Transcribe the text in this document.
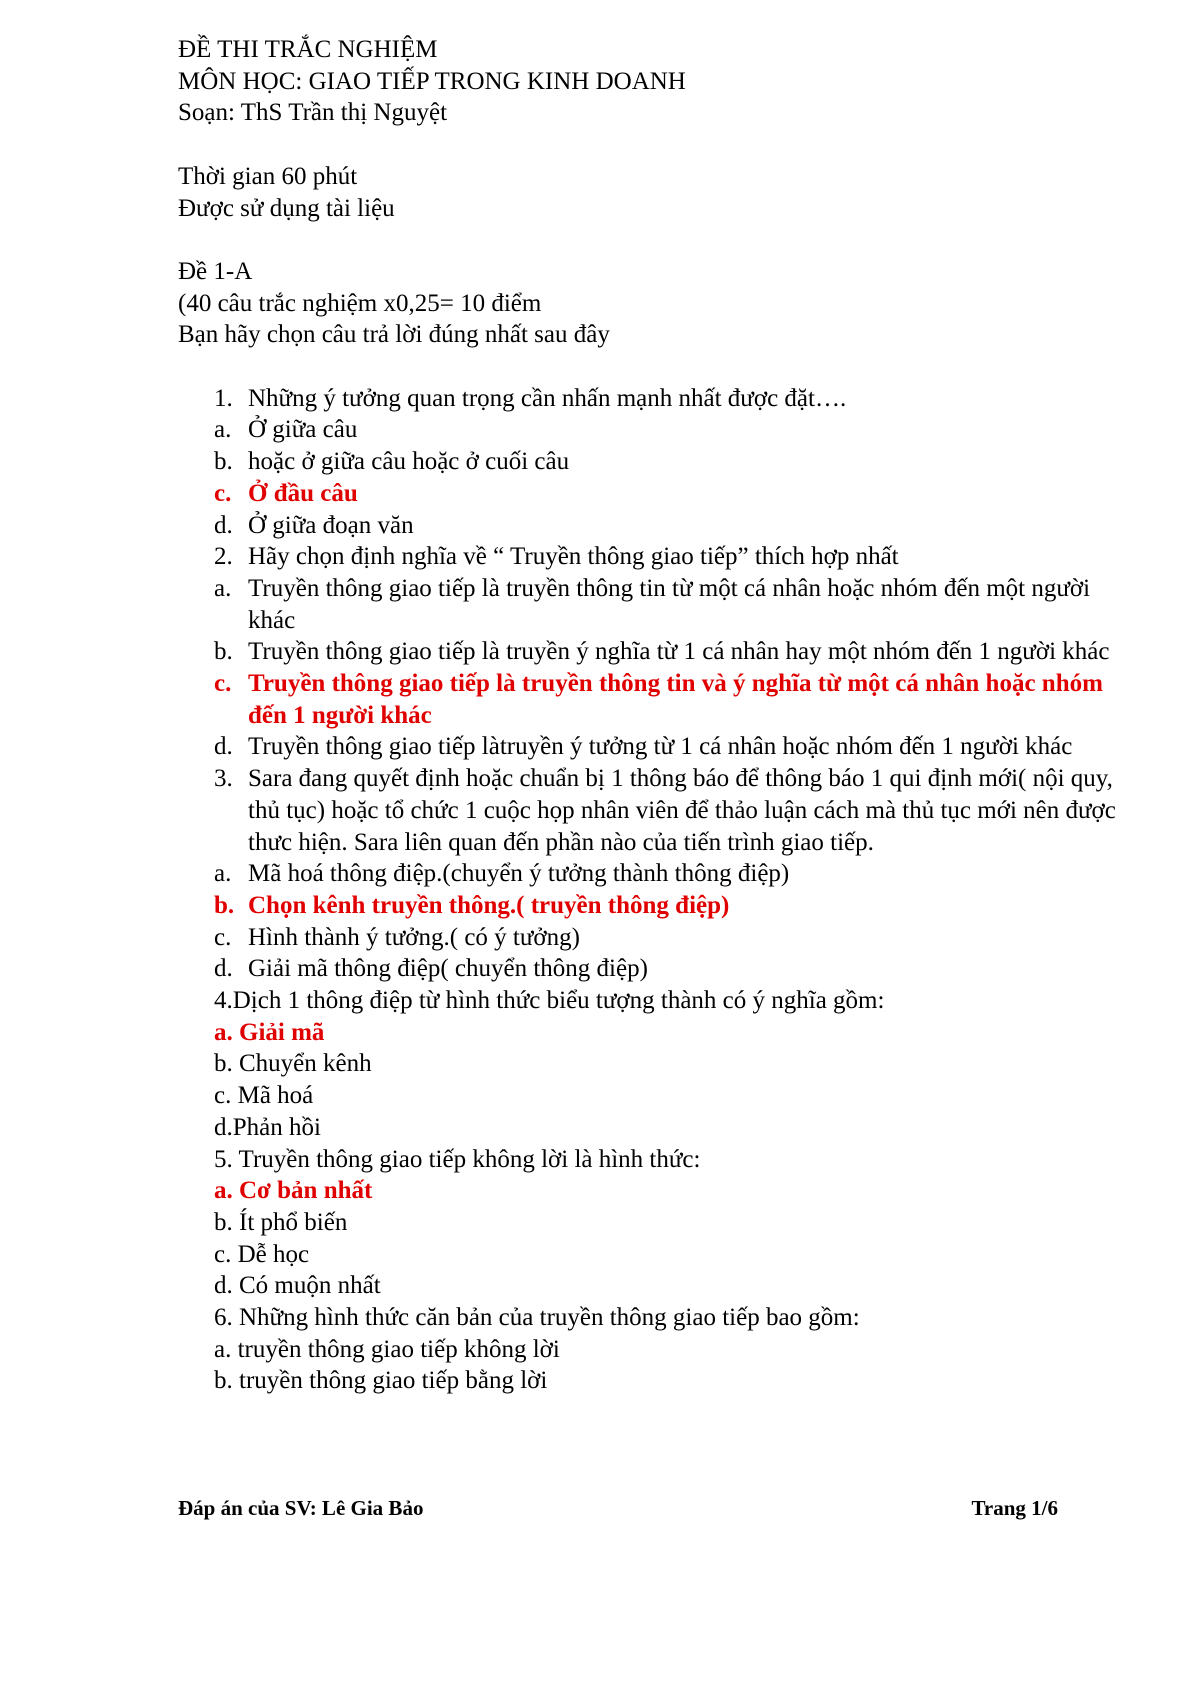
ĐỀ THI TRẮC NGHIỆM
MÔN HỌC: GIAO TIẾP TRONG KINH DOANH
Soạn: ThS Trần thị Nguyệt
Thời gian 60 phút
Được sử dụng tài liệu
Đề 1-A
(40 câu trắc nghiệm x0,25= 10 điểm
Bạn hãy chọn câu trả lời đúng nhất sau đây
1. Những ý tưởng quan trọng cần nhấn mạnh nhất được đặt….
a. Ở giữa câu
b. hoặc ở giữa câu hoặc ở cuối câu
c. Ở đầu câu
d. Ở giữa đoạn văn
2. Hãy chọn định nghĩa về “ Truyền thông giao tiếp” thích hợp nhất
a. Truyền thông giao tiếp là truyền thông tin từ một cá nhân hoặc nhóm đến một người khác
b. Truyền thông giao tiếp là truyền ý nghĩa từ 1 cá nhân hay một nhóm đến 1 người khác
c. Truyền thông giao tiếp là truyền thông tin và ý nghĩa từ một cá nhân hoặc nhóm đến 1 người khác
d. Truyền thông giao tiếp làtruyền ý tưởng từ 1 cá nhân hoặc nhóm đến 1 người khác
3. Sara đang quyết định hoặc chuẩn bị 1 thông báo để thông báo 1 qui định mới( nội quy, thủ tục) hoặc tổ chức 1 cuộc họp nhân viên để thảo luận cách mà thủ tục mới nên được thưc hiện. Sara liên quan đến phần nào của tiến trình giao tiếp.
a. Mã hoá thông điệp.(chuyển ý tưởng thành thông điệp)
b. Chọn kênh truyền thông.( truyền thông điệp)
c. Hình thành ý tưởng.( có ý tưởng)
d. Giải mã thông điệp( chuyển thông điệp)
4.Dịch 1 thông điệp từ hình thức biểu tượng thành có ý nghĩa gồm:
a. Giải mã
b. Chuyển kênh
c. Mã hoá
d.Phản hồi
5. Truyền thông giao tiếp không lời là hình thức:
a. Cơ bản nhất
b. Ít phổ biến
c. Dễ học
d. Có muộn nhất
6. Những hình thức căn bản của truyền thông giao tiếp bao gồm:
a. truyền thông giao tiếp không lời
b. truyền thông giao tiếp bằng lời
Đáp án của SV: Lê Gia Bảo	Trang 1/6
